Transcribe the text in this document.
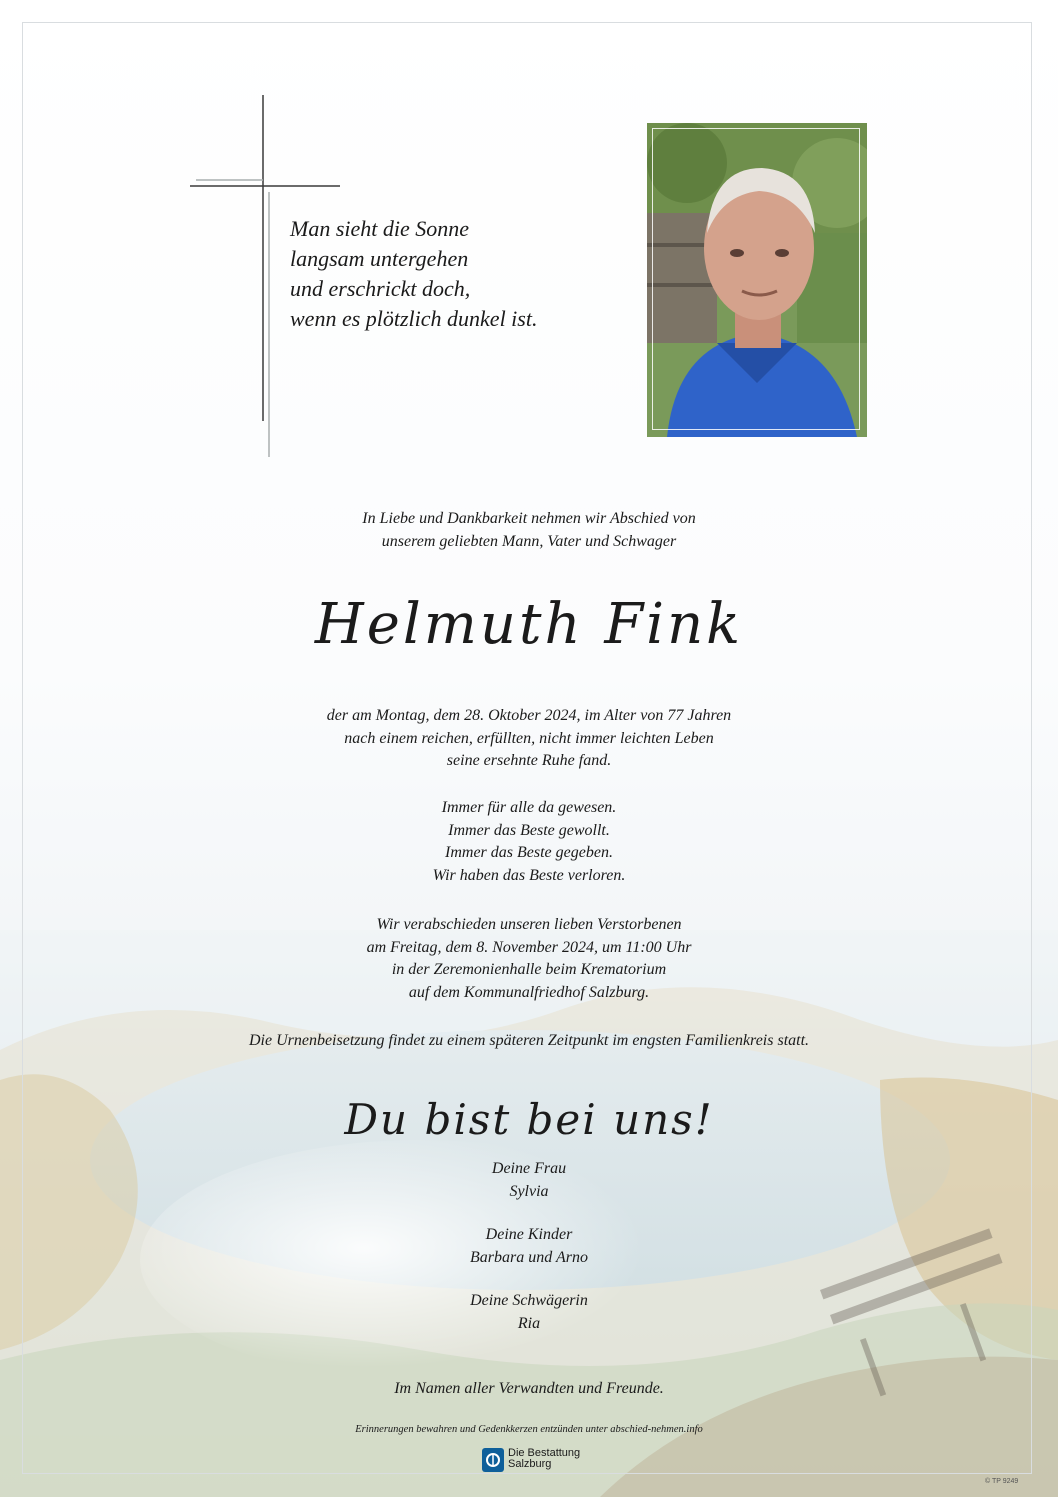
Man sieht die Sonne
langsam untergehen
und erschrickt doch,
wenn es plötzlich dunkel ist.
In Liebe und Dankbarkeit nehmen wir Abschied von
unserem geliebten Mann, Vater und Schwager
Helmuth Fink
der am Montag, dem 28. Oktober 2024, im Alter von 77 Jahren
nach einem reichen, erfüllten, nicht immer leichten Leben
seine ersehnte Ruhe fand.
Immer für alle da gewesen.
Immer das Beste gewollt.
Immer das Beste gegeben.
Wir haben das Beste verloren.
Wir verabschieden unseren lieben Verstorbenen
am Freitag, dem 8. November 2024, um 11:00 Uhr
in der Zeremonienhalle beim Krematorium
auf dem Kommunalfriedhof Salzburg.
Die Urnenbeisetzung findet zu einem späteren Zeitpunkt im engsten Familienkreis statt.
Du bist bei uns!
Deine Frau
Sylvia
Deine Kinder
Barbara und Arno
Deine Schwägerin
Ria
Im Namen aller Verwandten und Freunde.
Erinnerungen bewahren und Gedenkkerzen entzünden unter abschied-nehmen.info
Die Bestattung
Salzburg
© TP 9249
